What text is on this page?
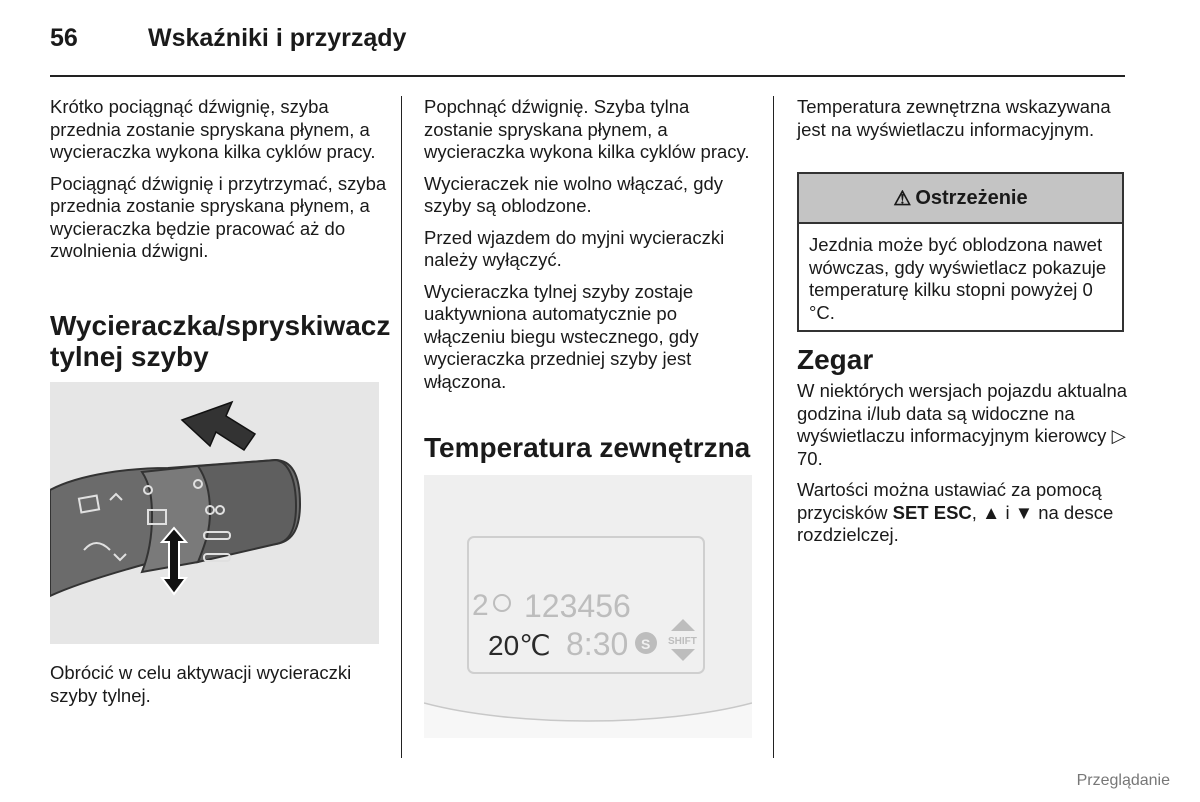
56	Wskaźniki i przyrządy

Krótko pociągnąć dźwignię, szyba przednia zostanie spryskana płynem, a wycieraczka wykona kilka cyklów pracy.

Pociągnąć dźwignię i przytrzymać, szyba przednia zostanie spryskana płynem, a wycieraczka będzie pracować aż do zwolnienia dźwigni.

Wycieraczka/spryskiwacz tylnej szyby
Obrócić w celu aktywacji wycieraczki szyby tylnej.

Popchnąć dźwignię. Szyba tylna zostanie spryskana płynem, a wycieraczka wykona kilka cyklów pracy.

Wycieraczek nie wolno włączać, gdy szyby są oblodzone.

Przed wjazdem do myjni wycieraczki należy wyłączyć.

Wycieraczka tylnej szyby zostaje uaktywniona automatycznie po włączeniu biegu wstecznego, gdy wycieraczka przedniej szyby jest włączona.

Temperatura zewnętrzna
2 123456
20℃ 8:30 S SHIFT

Temperatura zewnętrzna wskazywana jest na wyświetlaczu informacyjnym.

⚠ Ostrzeżenie
Jezdnia może być oblodzona nawet wówczas, gdy wyświetlacz pokazuje temperaturę kilku stopni powyżej 0 °C.
Zegar

W niektórych wersjach pojazdu aktualna godzina i/lub data są widoczne na wyświetlaczu informacyjnym kierowcy ▷ 70.

Wartości można ustawiać za pomocą przycisków SET ESC, ▲ i ▼ na desce rozdzielczej.

Przeglądanie
